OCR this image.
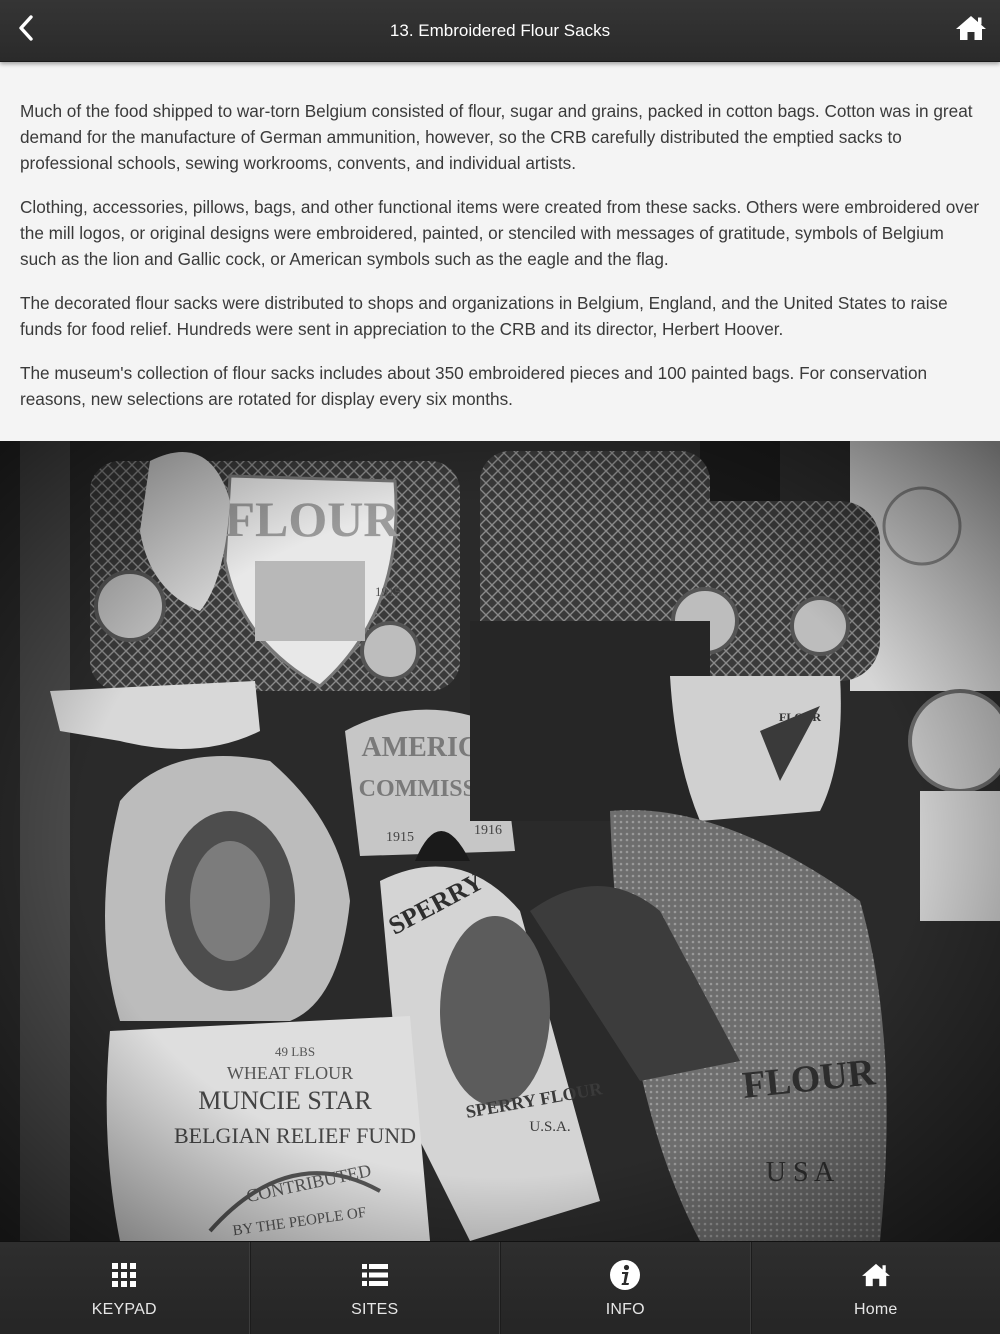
13. Embroidered Flour Sacks

Much of the food shipped to war-torn Belgium consisted of flour, sugar and grains, packed in cotton bags. Cotton was in great demand for the manufacture of German ammunition, however, so the CRB carefully distributed the emptied sacks to professional schools, sewing workrooms, convents, and individual artists.

Clothing, accessories, pillows, bags, and other functional items were created from these sacks. Others were embroidered over the mill logos, or original designs were embroidered, painted, or stenciled with messages of gratitude, symbols of Belgium such as the lion and Gallic cock, or American symbols such as the eagle and the flag.

The decorated flour sacks were distributed to shops and organizations in Belgium, England, and the United States to raise funds for food relief. Hundreds were sent in appreciation to the CRB and its director, Herbert Hoover.

The museum's collection of flour sacks includes about 350 embroidered pieces and 100 painted bags. For conservation reasons, new selections are rotated for display every six months.

KEYPAD	SITES	INFO	Home
